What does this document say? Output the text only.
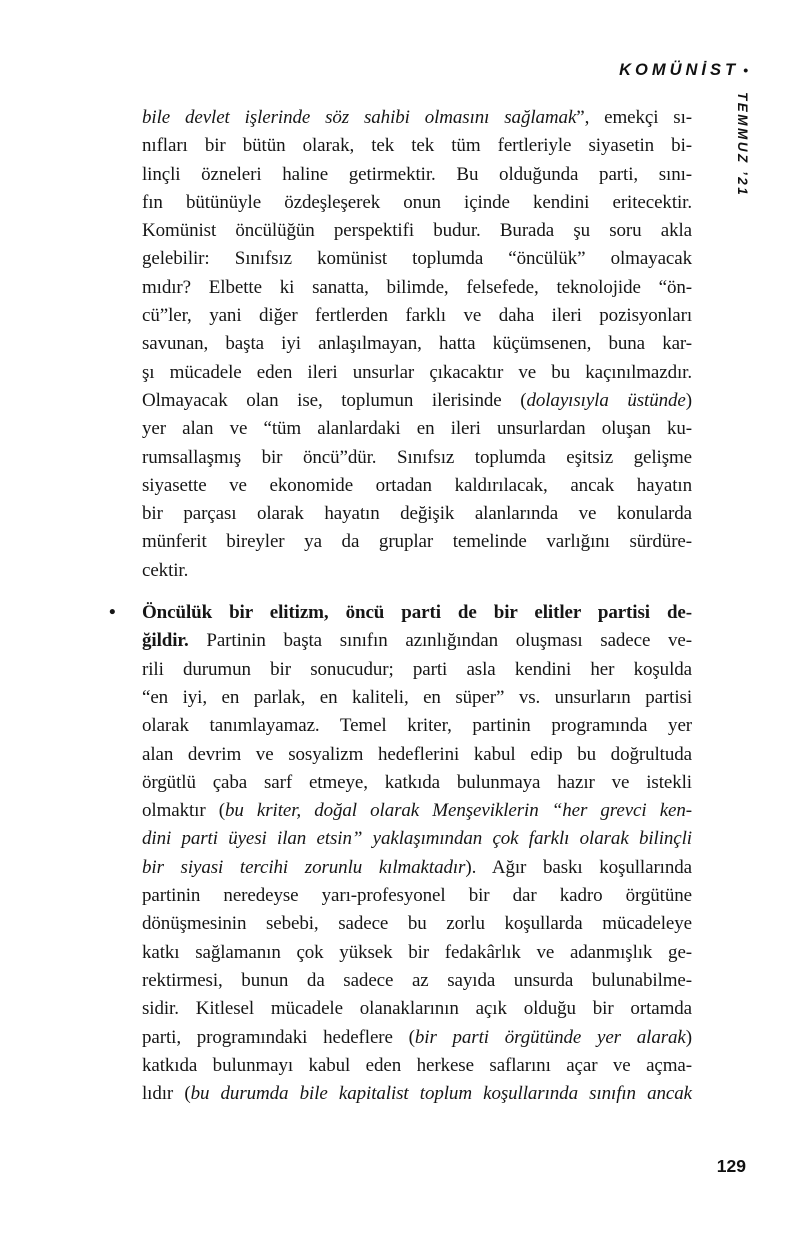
KOMÜNİST •
TEMMUZ ’21
bile devlet işlerinde söz sahibi olmasını sağlamak”, emekçi sı-
nıfları bir bütün olarak, tek tek tüm fertleriyle siyasetin bi-
linçli özneleri haline getirmektir. Bu olduğunda parti, sını-
fın bütünüyle özdeşleşerek onun içinde kendini eritecektir.
Komünist öncülüğün perspektifi budur. Burada şu soru akla
gelebilir: Sınıfsız komünist toplumda “öncülük” olmayacak
mıdır? Elbette ki sanatta, bilimde, felsefede, teknolojide “ön-
cü”ler, yani diğer fertlerden farklı ve daha ileri pozisyonları
savunan, başta iyi anlaşılmayan, hatta küçümsenen, buna kar-
şı mücadele eden ileri unsurlar çıkacaktır ve bu kaçınılmazdır.
Olmayacak olan ise, toplumun ilerisinde (dolayısıyla üstünde)
yer alan ve “tüm alanlardaki en ileri unsurlardan oluşan ku-
rumsallaşmış bir öncü”dür. Sınıfsız toplumda eşitsiz gelişme
siyasette ve ekonomide ortadan kaldırılacak, ancak hayatın
bir parçası olarak hayatın değişik alanlarında ve konularda
münferit bireyler ya da gruplar temelinde varlığını sürdüre-
cektir.
• Öncülük bir elitizm, öncü parti de bir elitler partisi de-
ğildir. Partinin başta sınıfın azınlığından oluşması sadece ve-
rili durumun bir sonucudur; parti asla kendini her koşulda
“en iyi, en parlak, en kaliteli, en süper” vs. unsurların partisi
olarak tanımlayamaz. Temel kriter, partinin programında yer
alan devrim ve sosyalizm hedeflerini kabul edip bu doğrultuda
örgütlü çaba sarf etmeye, katkıda bulunmaya hazır ve istekli
olmaktır (bu kriter, doğal olarak Menşeviklerin “her grevci ken-
dini parti üyesi ilan etsin” yaklaşımından çok farklı olarak bilinçli
bir siyasi tercihi zorunlu kılmaktadır). Ağır baskı koşullarında
partinin neredeyse yarı-profesyonel bir dar kadro örgütüne
dönüşmesinin sebebi, sadece bu zorlu koşullarda mücadeleye
katkı sağlamanın çok yüksek bir fedakârlık ve adanmışlık ge-
rektirmesi, bunun da sadece az sayıda unsurda bulunabilme-
sidir. Kitlesel mücadele olanaklarının açık olduğu bir ortamda
parti, programındaki hedeflere (bir parti örgütünde yer alarak)
katkıda bulunmayı kabul eden herkese saflarını açar ve açma-
lıdır (bu durumda bile kapitalist toplum koşullarında sınıfın ancak
129
